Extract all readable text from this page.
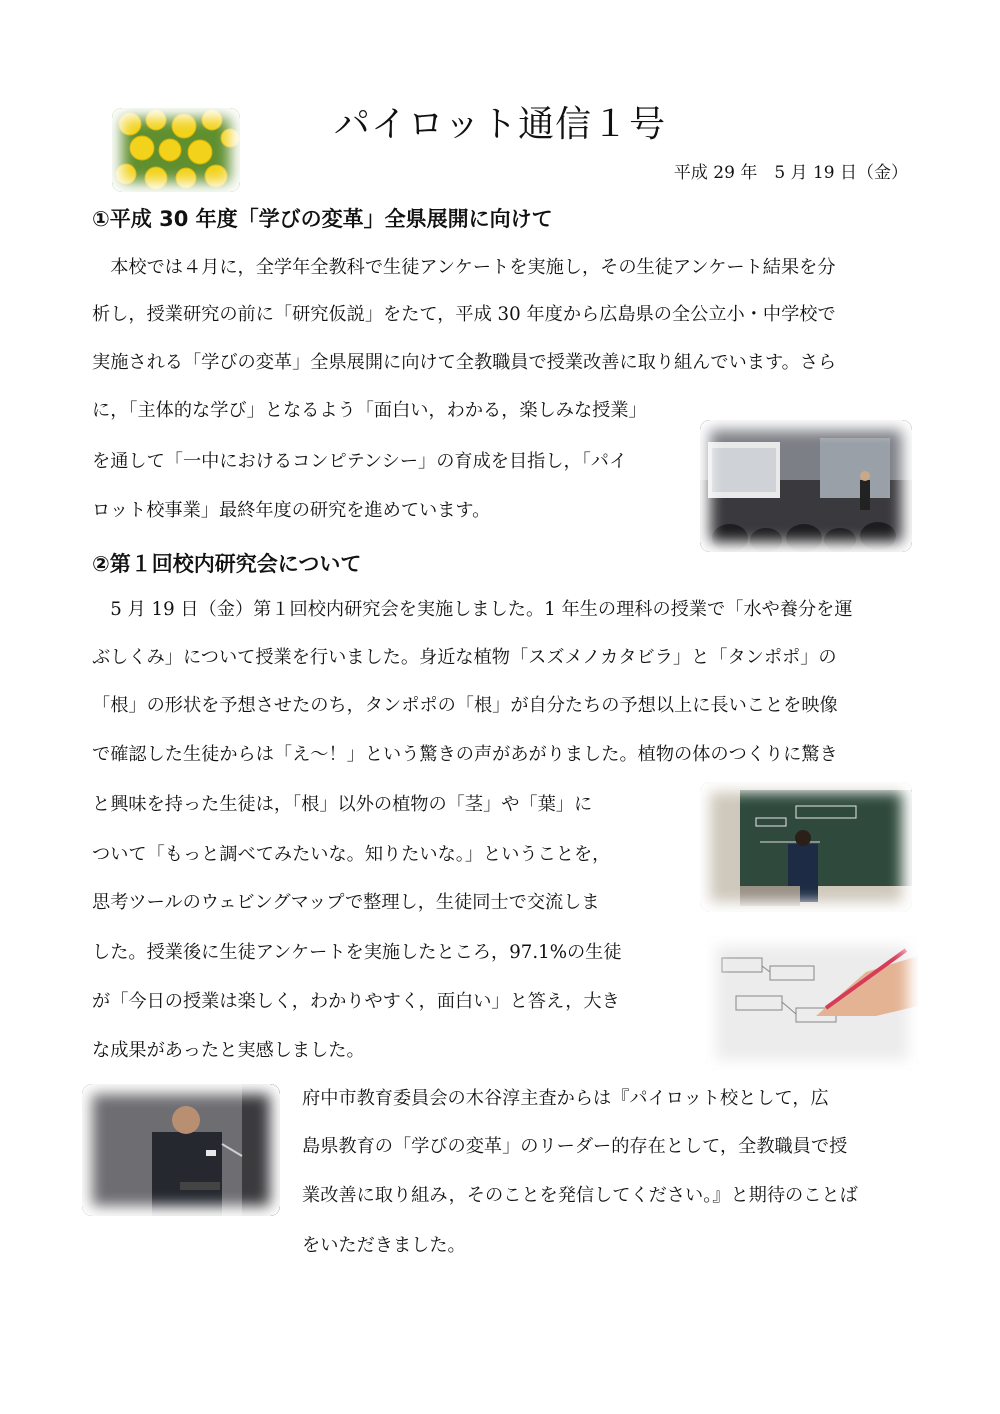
パイロット通信１号
平成 29 年　5 月 19 日（金）
①平成 30 年度「学びの変革」全県展開に向けて
　本校では４月に，全学年全教科で生徒アンケートを実施し，その生徒アンケート結果を分
析し，授業研究の前に「研究仮説」をたて，平成 30 年度から広島県の全公立小・中学校で
実施される「学びの変革」全県展開に向けて全教職員で授業改善に取り組んでいます。さら
に，「主体的な学び」となるよう「面白い，わかる，楽しみな授業」
を通して「一中におけるコンピテンシー」の育成を目指し，「パイ
ロット校事業」最終年度の研究を進めています。
②第１回校内研究会について
　5 月 19 日（金）第１回校内研究会を実施しました。1 年生の理科の授業で「水や養分を運
ぶしくみ」について授業を行いました。身近な植物「スズメノカタビラ」と「タンポポ」の
「根」の形状を予想させたのち，タンポポの「根」が自分たちの予想以上に長いことを映像
で確認した生徒からは「え～！」という驚きの声があがりました。植物の体のつくりに驚き
と興味を持った生徒は，「根」以外の植物の「茎」や「葉」に
ついて「もっと調べてみたいな。知りたいな。」ということを，
思考ツールのウェビングマップで整理し，生徒同士で交流しま
した。授業後に生徒アンケートを実施したところ，97.1%の生徒
が「今日の授業は楽しく，わかりやすく，面白い」と答え，大き
な成果があったと実感しました。
府中市教育委員会の木谷淳主査からは『パイロット校として，広
島県教育の「学びの変革」のリーダー的存在として，全教職員で授
業改善に取り組み，そのことを発信してください。』と期待のことば
をいただきました。
